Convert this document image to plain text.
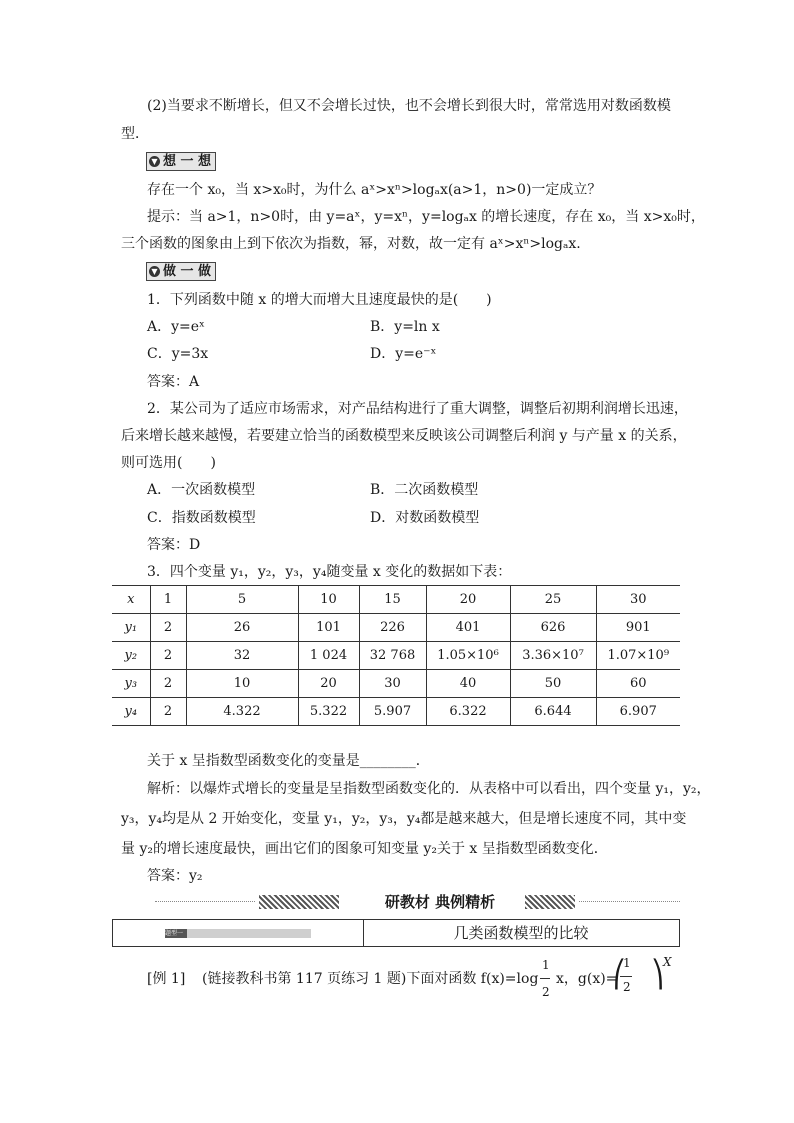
(2)当要求不断增长，但又不会增长过快，也不会增长到很大时，常常选用对数函数模
型．
▼ 想 一 想
存在一个 x₀，当 x>x₀时，为什么 aˣ>xⁿ>logₐx(a>1，n>0)一定成立？
提示：当 a>1，n>0时，由 y=aˣ，y=xⁿ，y=logₐx 的增长速度，存在 x₀，当 x>x₀时，
三个函数的图象由上到下依次为指数，幂，对数，故一定有 aˣ>xⁿ>logₐx.
▼ 做 一 做
1．下列函数中随 x 的增大而增大且速度最快的是(　　)
A．y=eˣ	B．y=ln x
C．y=3x	D．y=e⁻ˣ
答案：A
2．某公司为了适应市场需求，对产品结构进行了重大调整，调整后初期利润增长迅速，
后来增长越来越慢，若要建立恰当的函数模型来反映该公司调整后利润 y 与产量 x 的关系，
则可选用(　　)
A．一次函数模型	B．二次函数模型
C．指数函数模型	D．对数函数模型
答案：D
3．四个变量 y₁，y₂，y₃，y₄随变量 x 变化的数据如下表：
x	1	5	10	15	20	25	30
y₁	2	26	101	226	401	626	901
y₂	2	32	1 024	32 768	1.05×10⁶	3.36×10⁷	1.07×10⁹
y₃	2	10	20	30	40	50	60
y₄	2	4.322	5.322	5.907	6.322	6.644	6.907
关于 x 呈指数型函数变化的变量是________．
解析：以爆炸式增长的变量是呈指数型函数变化的．从表格中可以看出，四个变量 y₁，y₂，
y₃，y₄均是从 2 开始变化，变量 y₁，y₂，y₃，y₄都是越来越大，但是增长速度不同，其中变
量 y₂的增长速度最快，画出它们的图象可知变量 y₂关于 x 呈指数型函数变化．
答案：y₂
研教材 典例精析
题型一	几类函数模型的比较
[例 1] (链接教科书第 117 页练习 1 题)下面对函数 f(x)=log
1
2
x，g(x)=
⎛
1
2 ⎞ X
